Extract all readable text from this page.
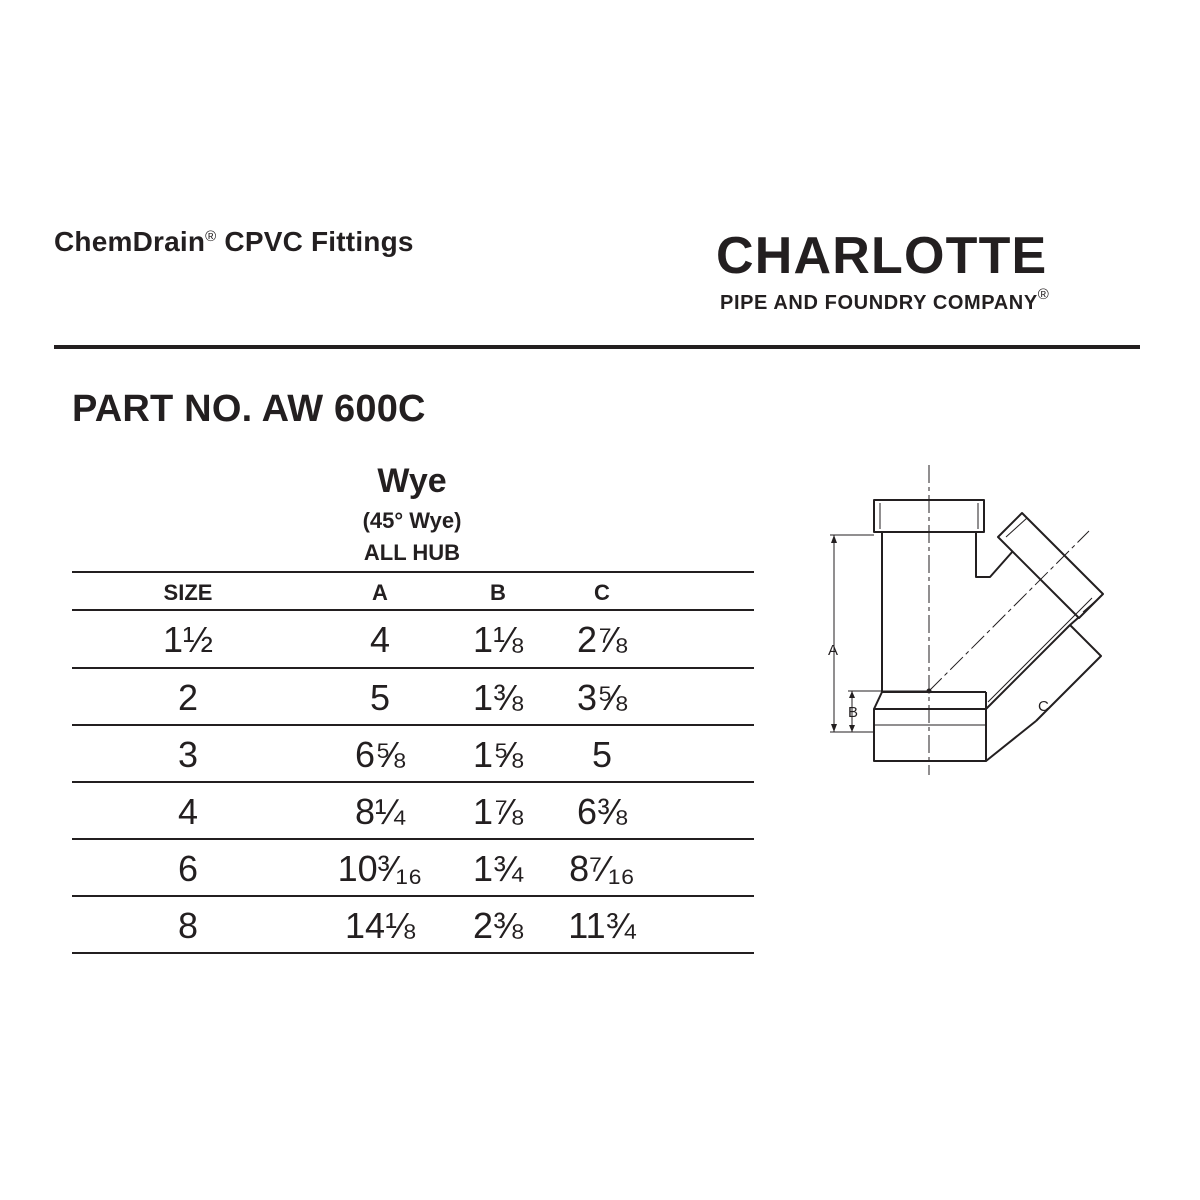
ChemDrain® CPVC Fittings	CHARLOTTE
PIPE AND FOUNDRY COMPANY®
PART NO. AW 600C
Wye
(45° Wye)
ALL HUB
SIZE	A	B	C
1½	4	1⅛	2⅞
2	5	1⅜	3⅝
3	6⅝	1⅝	5
4	8¼	1⅞	6⅜
6	10³⁄₁₆	1¾	8⁷⁄₁₆
8	14⅛	2⅜	11¾
A
B	C
